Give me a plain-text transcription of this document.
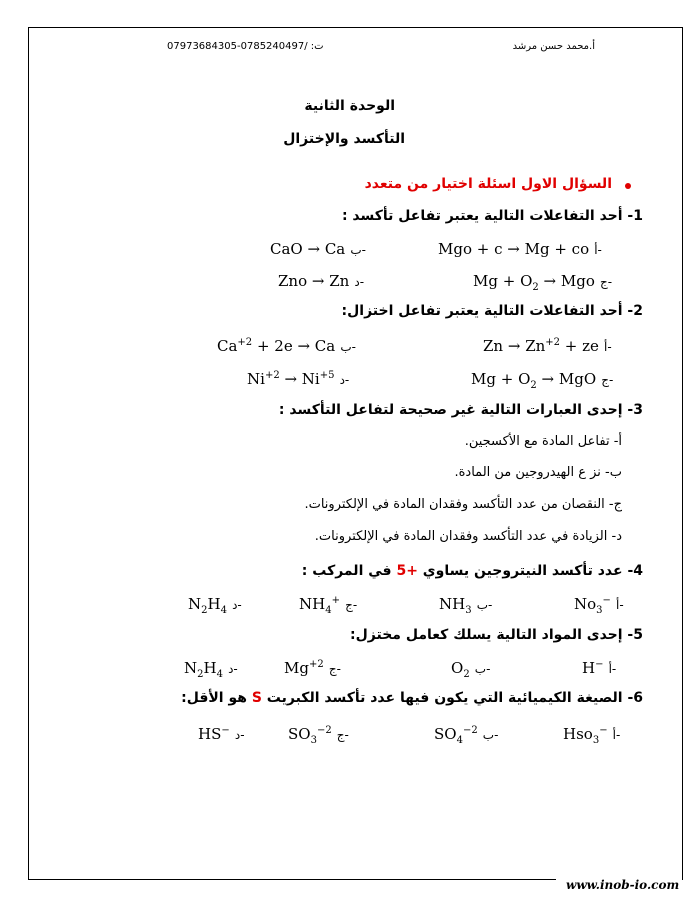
أ.محمد حسن مرشد
ت: /0785240497-07973684305
الوحدة الثانية
التأكسد والإختزال
السؤال الاول اسئلة اختيار من متعدد
1- أحد التفاعلات التالية يعتبر تفاعل تأكسد :
Mgo + c → Mg + co أ-
CaO → Ca ب-
$Mg + O_2$ → Mgo ج-
Zno → Zn د-
2- أحد التفاعلات التالية يعتبر تفاعل اختزال:
$Zn \to Zn^{+2}$ + ze أ-
$Ca^{+2} + 2e \to Ca$ ب-
$Mg + O_2$ → MgO ج-
$Ni^{+2} \to Ni^{+5}$ د-
3- إحدى العبارات التالية غير صحيحة لتفاعل التأكسد :
أ- تفاعل المادة مع الأكسجين.
ب- نز ع الهيدروجين من المادة.
ج- النقصان من عدد التأكسد وفقدان المادة في الإلكترونات.
د- الزيادة في عدد التأكسد وفقدان المادة في الإلكترونات.
4- عدد تأكسد النيتروجين يساوي +5 في المركب :
$No_3^-$ أ-
$NH_3$ ب-
$NH_4^+$ ج-
$N_2H_4$ د-
5- إحدى المواد التالية يسلك كعامل مختزل:
H− أ-
$O_2$ ب-
$Mg^{+2}$ ج-
$N_2H_4$ د-
6- الصيغة الكيميائية التي يكون فيها عدد تأكسد الكبريت S هو الأقل:
Hso$_3$− أ-
$SO_4^{-2}$ ب-
$SO_3^{-2}$ ج-
HS− د-
www.inob-io.com
